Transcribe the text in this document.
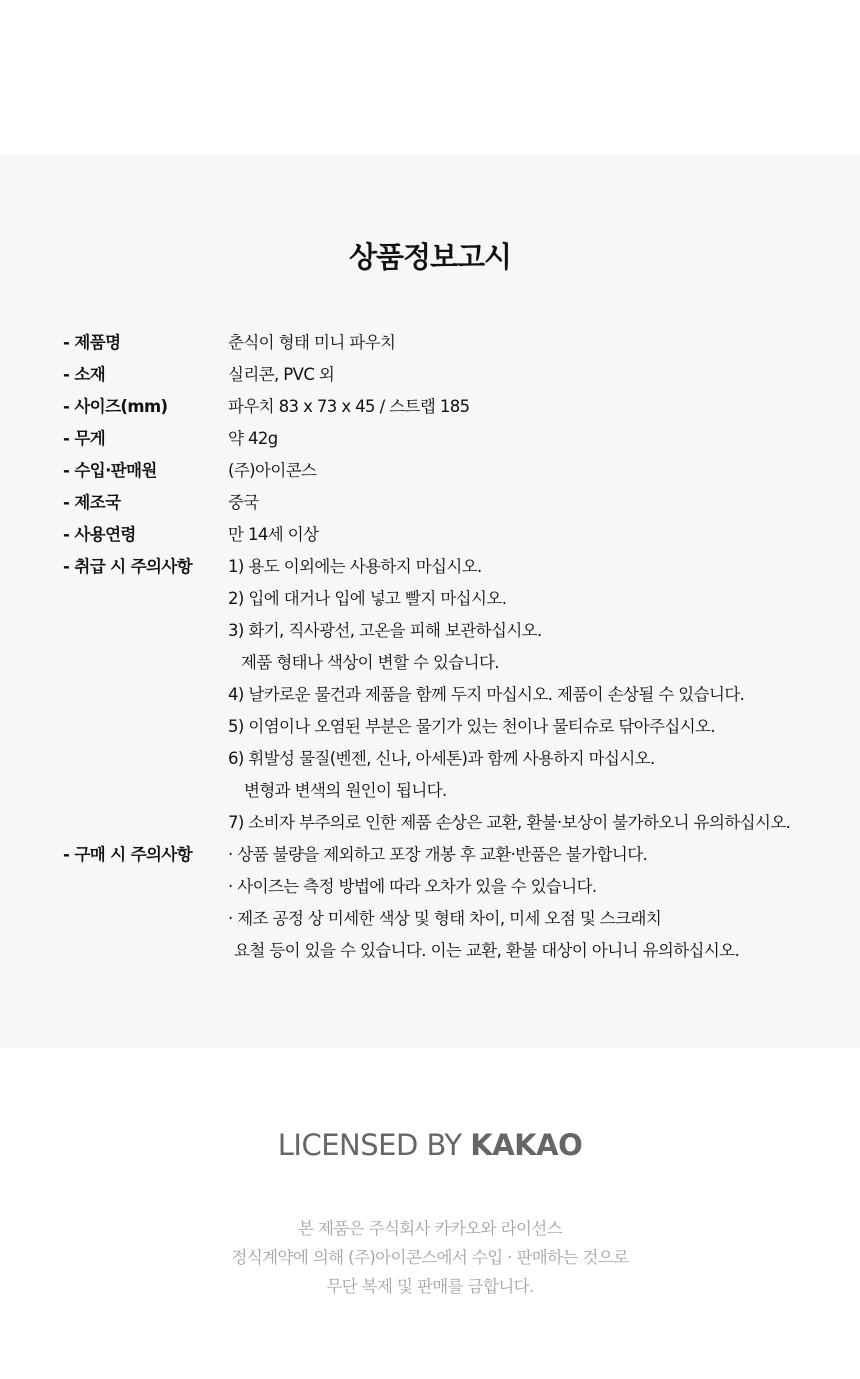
상품정보고시
- 제품명	춘식이 형태 미니 파우치
- 소재	실리콘, PVC 외
- 사이즈(mm)	파우치 83 x 73 x 45 / 스트랩 185
- 무게	약 42g
- 수입·판매원	(주)아이콘스
- 제조국	중국
- 사용연령	만 14세 이상
- 취급 시 주의사항	1) 용도 이외에는 사용하지 마십시오.
2) 입에 대거나 입에 넣고 빨지 마십시오.
3) 화기, 직사광선, 고온을 피해 보관하십시오.
제품 형태나 색상이 변할 수 있습니다.
4) 날카로운 물건과 제품을 함께 두지 마십시오. 제품이 손상될 수 있습니다.
5) 이염이나 오염된 부분은 물기가 있는 천이나 물티슈로 닦아주십시오.
6) 휘발성 물질(벤젠, 신나, 아세톤)과 함께 사용하지 마십시오.
변형과 변색의 원인이 됩니다.
7) 소비자 부주의로 인한 제품 손상은 교환, 환불·보상이 불가하오니 유의하십시오.
- 구매 시 주의사항	· 상품 불량을 제외하고 포장 개봉 후 교환·반품은 불가합니다.
· 사이즈는 측정 방법에 따라 오차가 있을 수 있습니다.
· 제조 공정 상 미세한 색상 및 형태 차이, 미세 오점 및 스크래치
요철 등이 있을 수 있습니다. 이는 교환, 환불 대상이 아니니 유의하십시오.
LICENSED BY KAKAO
본 제품은 주식회사 카카오와 라이선스
정식계약에 의해 (주)아이콘스에서 수입 · 판매하는 것으로
무단 복제 및 판매를 금합니다.
